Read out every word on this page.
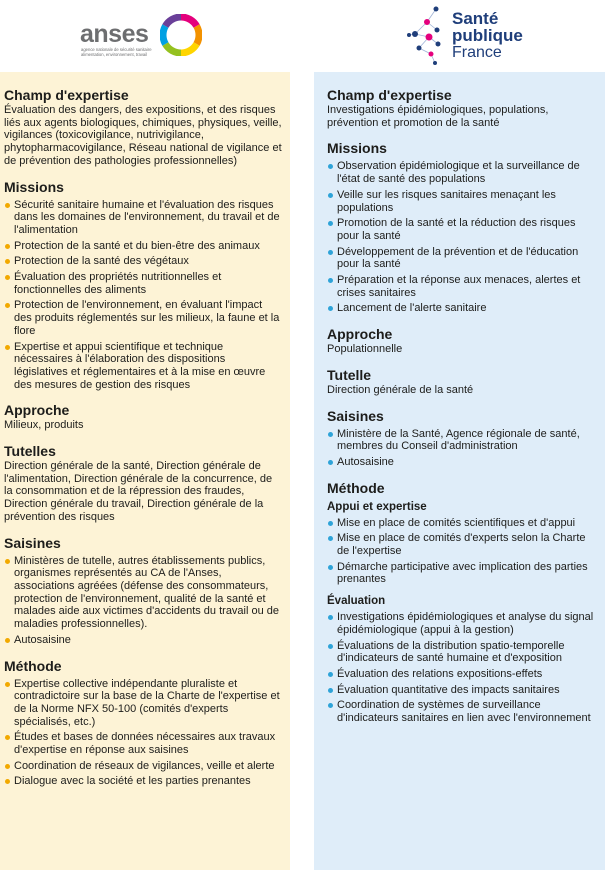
anses
agence nationale de sécurité sanitaire alimentation, environnement, travail
Santé
publique
France
Champ d'expertise
Évaluation des dangers, des expositions, et des risques liés aux agents biologiques, chimiques, physiques, veille, vigilances (toxicovigilance, nutrivigilance, phytopharmacovigilance, Réseau national de vigilance et de prévention des pathologies professionnelles)
Missions
Sécurité sanitaire humaine et l'évaluation des risques dans les domaines de l'environnement, du travail et de l'alimentation
Protection de la santé et du bien-être des animaux
Protection de la santé des végétaux
Évaluation des propriétés nutritionnelles et fonctionnelles des aliments
Protection de l'environnement, en évaluant l'impact des produits réglementés sur les milieux, la faune et la flore
Expertise et appui scientifique et technique nécessaires à l'élaboration des dispositions législatives et réglementaires et à la mise en œuvre des mesures de gestion des risques
Approche
Milieux, produits
Tutelles
Direction générale de la santé, Direction générale de l'alimentation, Direction générale de la concurrence, de la consommation et de la répression des fraudes, Direction générale du travail, Direction générale de la prévention des risques
Saisines
Ministères de tutelle, autres établissements publics, organismes représentés au CA de l'Anses, associations agréées (défense des consommateurs, protection de l'environnement, qualité de la santé et malades aide aux victimes d'accidents du travail ou de maladies professionnelles).
Autosaisine
Méthode
Expertise collective indépendante pluraliste et contradictoire sur la base de la Charte de l'expertise et de la Norme NFX 50-100 (comités d'experts spécialisés, etc.)
Études et bases de données nécessaires aux travaux d'expertise en réponse aux saisines
Coordination de réseaux de vigilances, veille et alerte
Dialogue avec la société et les parties prenantes
Champ d'expertise
Investigations épidémiologiques, populations, prévention et promotion de la santé
Missions
Observation épidémiologique et la surveillance de l'état de santé des populations
Veille sur les risques sanitaires menaçant les populations
Promotion de la santé et la réduction des risques pour la santé
Développement de la prévention et de l'éducation pour la santé
Préparation et la réponse aux menaces, alertes et crises sanitaires
Lancement de l'alerte sanitaire
Approche
Populationnelle
Tutelle
Direction générale de la santé
Saisines
Ministère de la Santé, Agence régionale de santé, membres du Conseil d'administration
Autosaisine
Méthode
Appui et expertise
Mise en place de comités scientifiques et d'appui
Mise en place de comités d'experts selon la Charte de l'expertise
Démarche participative avec implication des parties prenantes
Évaluation
Investigations épidémiologiques et analyse du signal épidémiologique (appui à la gestion)
Évaluations de la distribution spatio-temporelle d'indicateurs de santé humaine et d'exposition
Évaluation des relations expositions-effets
Évaluation quantitative des impacts sanitaires
Coordination de systèmes de surveillance d'indicateurs sanitaires en lien avec l'environnement
